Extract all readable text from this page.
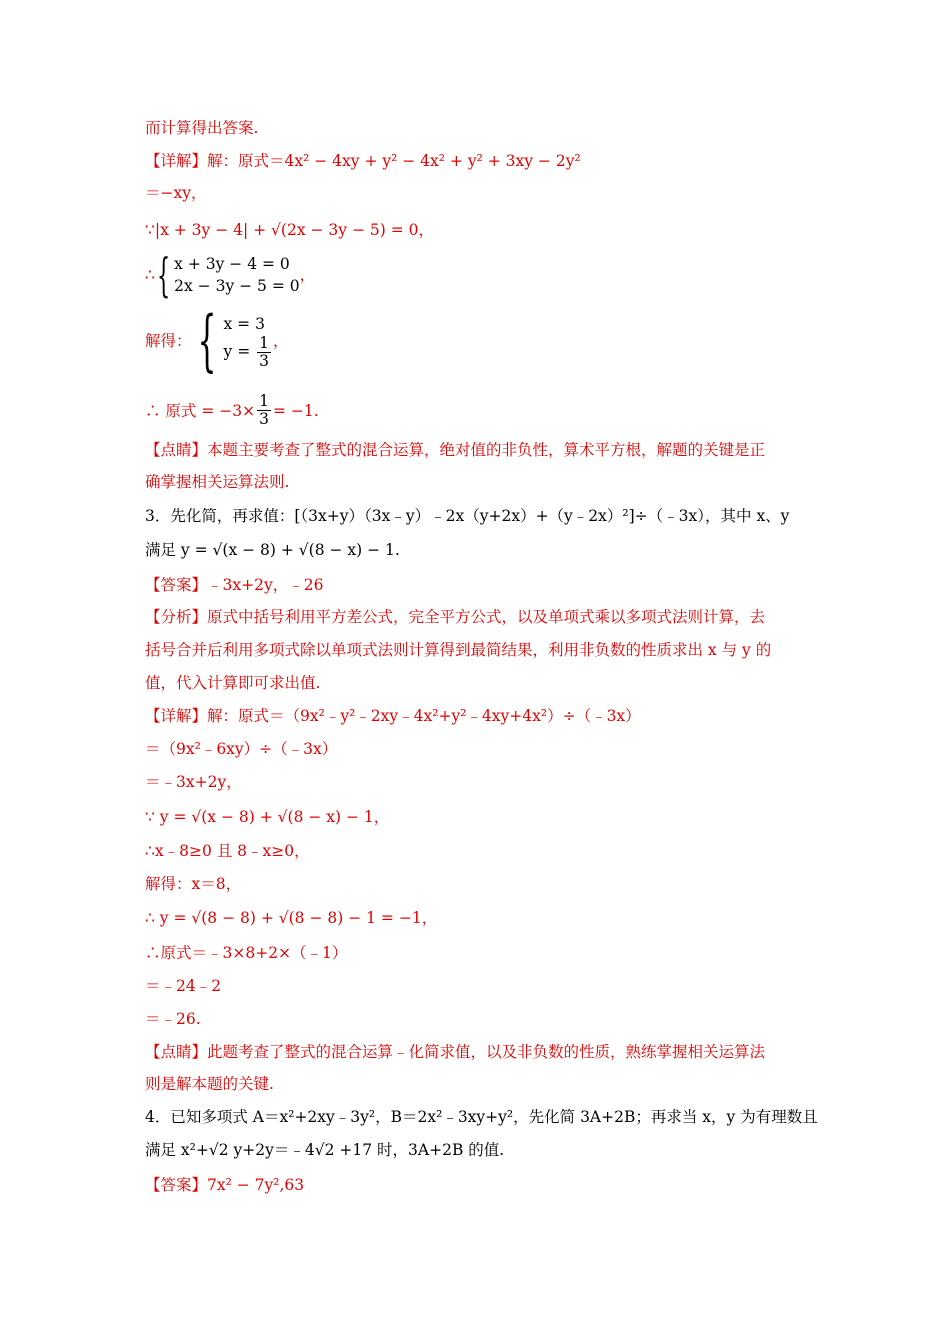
而计算得出答案.
【详解】解：原式＝4x² − 4xy + y² − 4x² + y² + 3xy − 2y²
＝−xy，
∵|x + 3y − 4| + √(2x − 3y − 5) = 0，
∴ { x + 3y − 4 = 0
2x − 3y − 5 = 0
，
解得： { x = 3
$y = \frac{1}{3}$ ，
∴ 原式 = $-3\times \frac{1}{3} = -1$.
【点睛】本题主要考查了整式的混合运算，绝对值的非负性，算术平方根，解题的关键是正
确掌握相关运算法则.
3．先化简，再求值：[（3x+y）（3x﹣y）﹣2x（y+2x）+（y﹣2x）²]÷（﹣3x），其中 x、y
满足 y = √(x − 8) + √(8 − x) − 1.
【答案】﹣3x+2y，﹣26
【分析】原式中括号利用平方差公式，完全平方公式，以及单项式乘以多项式法则计算，去
括号合并后利用多项式除以单项式法则计算得到最简结果，利用非负数的性质求出 x 与 y 的
值，代入计算即可求出值.
【详解】解：原式＝（9x²﹣y²﹣2xy﹣4x²+y²﹣4xy+4x²）÷（﹣3x）
＝（9x²﹣6xy）÷（﹣3x）
＝﹣3x+2y，
∵ y = √(x − 8) + √(8 − x) − 1，
∴x﹣8≥0 且 8﹣x≥0，
解得：x＝8，
∴ y = √(8 − 8) + √(8 − 8) − 1 = −1，
∴原式＝﹣3×8+2×（﹣1）
＝﹣24﹣2
＝﹣26.
【点睛】此题考查了整式的混合运算﹣化简求值，以及非负数的性质，熟练掌握相关运算法
则是解本题的关键.
4．已知多项式 A＝x²+2xy﹣3y²，B＝2x²﹣3xy+y²，先化简 3A+2B；再求当 x，y 为有理数且
满足 x²+√2 y+2y＝﹣4√2 +17 时，3A+2B 的值.
【答案】7x² − 7y²,63
